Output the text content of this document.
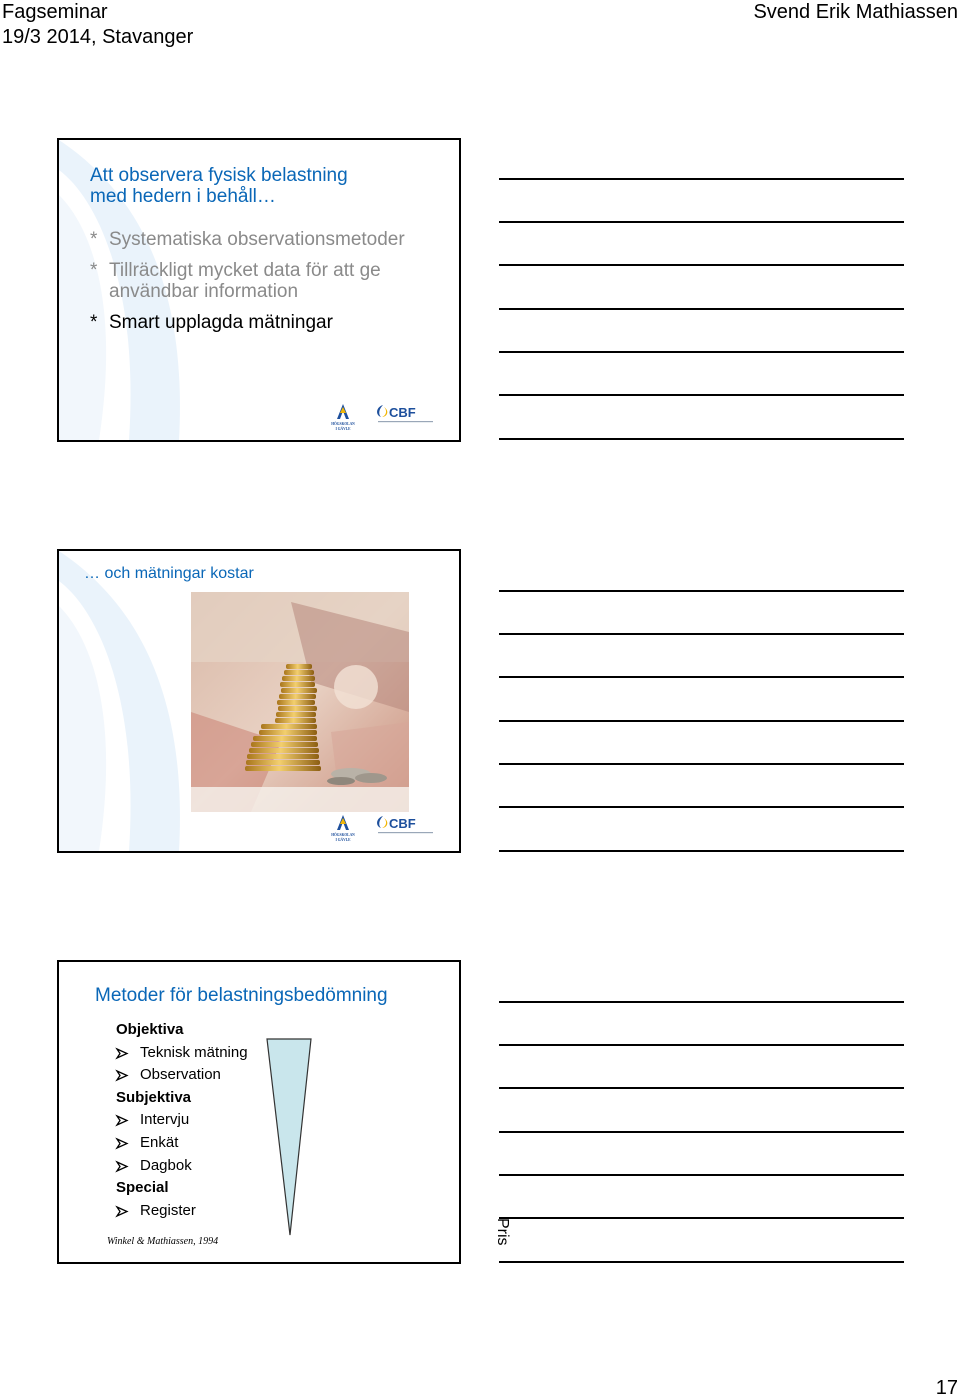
Fagseminar
19/3 2014, Stavanger
Svend Erik Mathiassen
Att observera fysisk belastning
med hedern i behåll…
* Systematiska observationsmetoder
* Tillräckligt mycket data för att ge
användbar information
* Smart upplagda mätningar
HÖGSKOLAN
I GÄVLE
CBF
… och mätningar kostar
HÖGSKOLAN
I GÄVLE
CBF
Metoder för belastningsbedömning
Objektiva
Teknisk mätning
Observation
Subjektiva
Intervju
Enkät
Dagbok
Special
Register
Pris
Winkel & Mathiassen, 1994
17
